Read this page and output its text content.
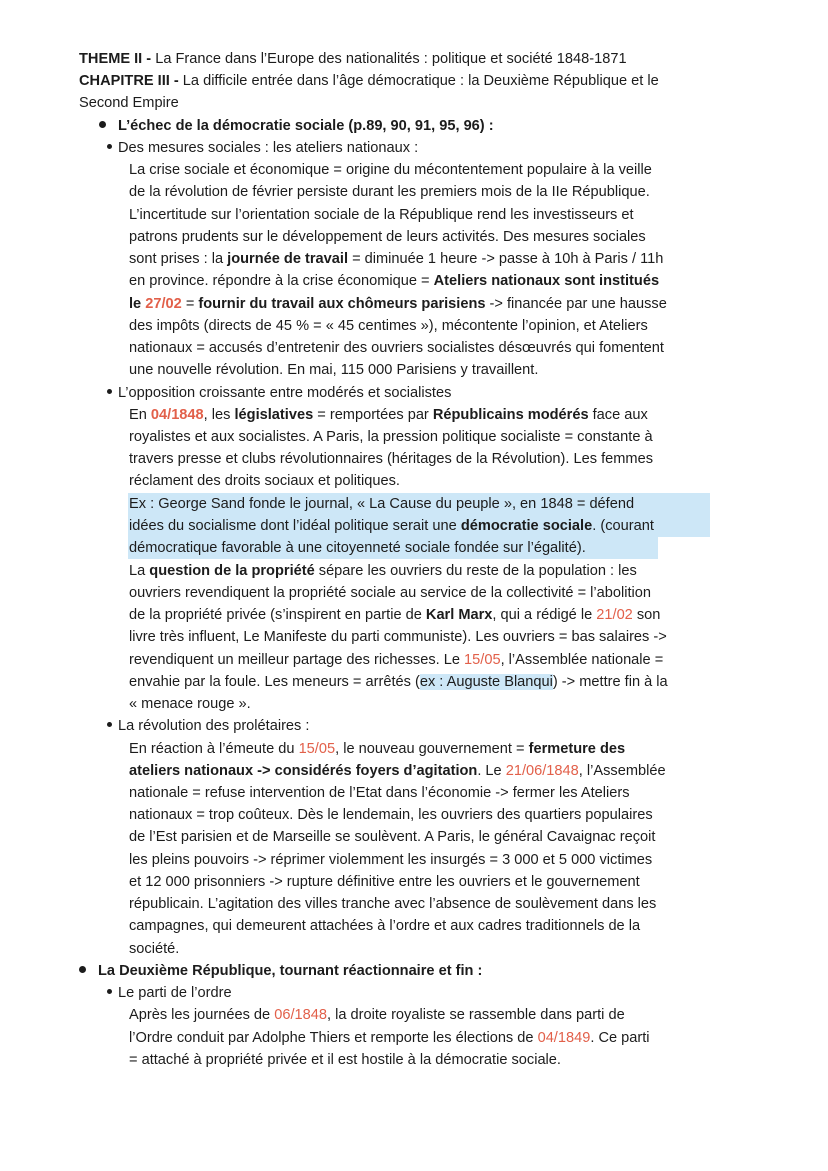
THEME II - La France dans l’Europe des nationalités : politique et société 1848-1871
CHAPITRE III - La difficile entrée dans l’âge démocratique : la Deuxième République et le
Second Empire
L’échec de la démocratie sociale (p.89, 90, 91, 95, 96) :
Des mesures sociales : les ateliers nationaux :
La crise sociale et économique = origine du mécontentement populaire à la veille
de la révolution de février persiste durant les premiers mois de la IIe République.
L’incertitude sur l’orientation sociale de la République rend les investisseurs et
patrons prudents sur le développement de leurs activités. Des mesures sociales
sont prises : la journée de travail = diminuée 1 heure -> passe à 10h à Paris / 11h
en province. répondre à la crise économique = Ateliers nationaux sont institués
le 27/02 = fournir du travail aux chômeurs parisiens -> financée par une hausse
des impôts (directs de 45 % = « 45 centimes »), mécontente l’opinion, et Ateliers
nationaux = accusés d’entretenir des ouvriers socialistes désœuvrés qui fomentent
une nouvelle révolution. En mai, 115 000 Parisiens y travaillent.
L’opposition croissante entre modérés et socialistes
En 04/1848, les législatives = remportées par Républicains modérés face aux
royalistes et aux socialistes. A Paris, la pression politique socialiste = constante à
travers presse et clubs révolutionnaires (héritages de la Révolution). Les femmes
réclament des droits sociaux et politiques.
Ex : George Sand fonde le journal, « La Cause du peuple », en 1848 = défend
idées du socialisme dont l’idéal politique serait une démocratie sociale. (courant
démocratique favorable à une citoyenneté sociale fondée sur l’égalité).
La question de la propriété sépare les ouvriers du reste de la population : les
ouvriers revendiquent la propriété sociale au service de la collectivité = l’abolition
de la propriété privée (s’inspirent en partie de Karl Marx, qui a rédigé le 21/02 son
livre très influent, Le Manifeste du parti communiste). Les ouvriers = bas salaires ->
revendiquent un meilleur partage des richesses. Le 15/05, l’Assemblée nationale =
envahie par la foule. Les meneurs = arrêtés (ex : Auguste Blanqui) -> mettre fin à la
« menace rouge ».
La révolution des prolétaires :
En réaction à l’émeute du 15/05, le nouveau gouvernement = fermeture des
ateliers nationaux -> considérés foyers d’agitation. Le 21/06/1848, l’Assemblée
nationale = refuse intervention de l’Etat dans l’économie -> fermer les Ateliers
nationaux = trop coûteux. Dès le lendemain, les ouvriers des quartiers populaires
de l’Est parisien et de Marseille se soulèvent. A Paris, le général Cavaignac reçoit
les pleins pouvoirs -> réprimer violemment les insurgés = 3 000 et 5 000 victimes
et 12 000 prisonniers -> rupture définitive entre les ouvriers et le gouvernement
républicain. L’agitation des villes tranche avec l’absence de soulèvement dans les
campagnes, qui demeurent attachées à l’ordre et aux cadres traditionnels de la
société.
La Deuxième République, tournant réactionnaire et fin :
Le parti de l’ordre
Après les journées de 06/1848, la droite royaliste se rassemble dans parti de
l’Ordre conduit par Adolphe Thiers et remporte les élections de 04/1849. Ce parti
= attaché à propriété privée et il est hostile à la démocratie sociale.
